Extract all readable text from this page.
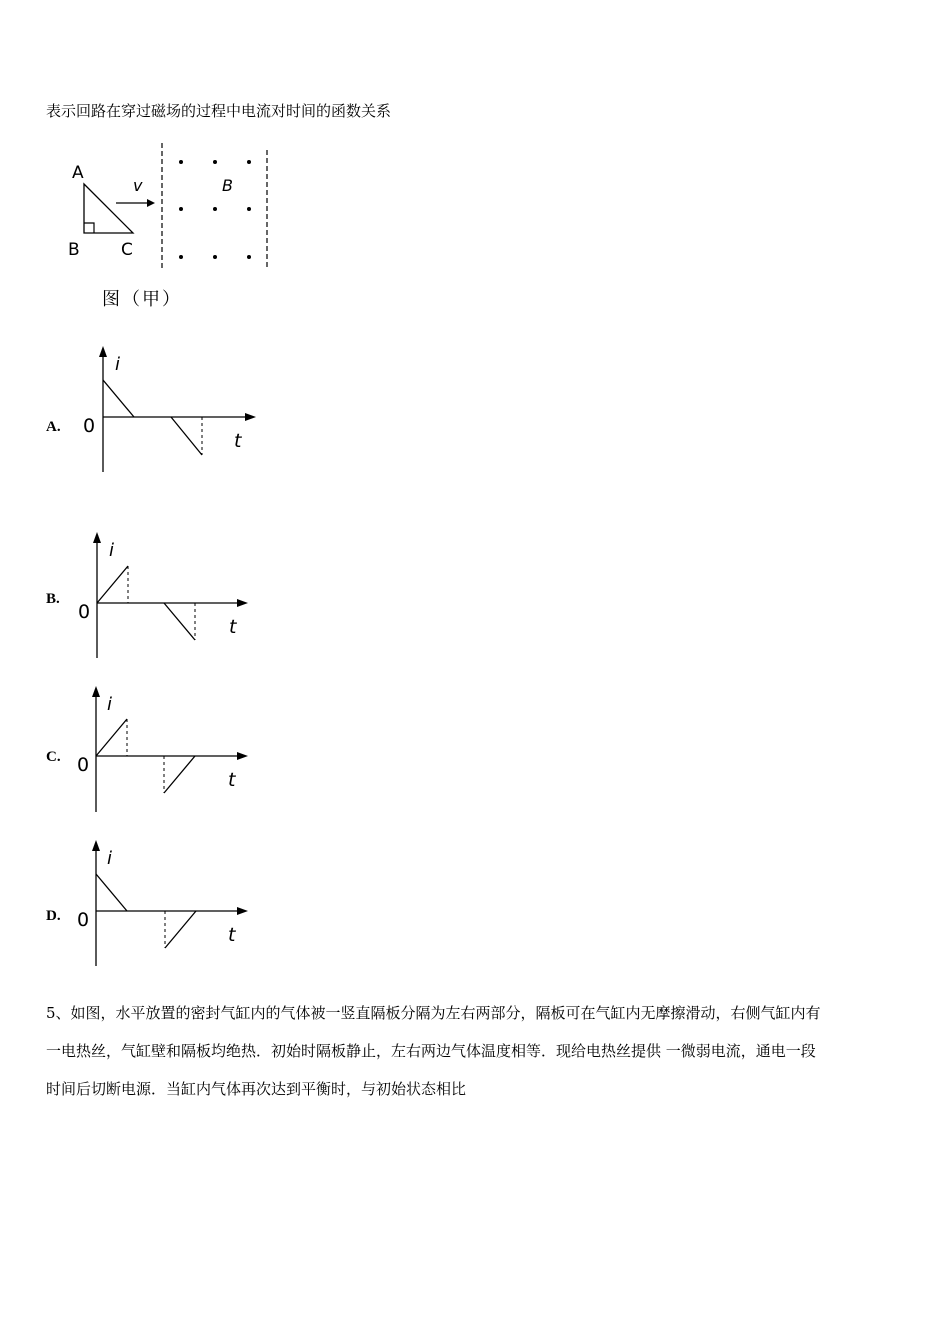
表示回路在穿过磁场的过程中电流对时间的函数关系
A
B C
v	B
图（甲）
A.
i
0
t
B.
i
0
t
C.
i
0
t
D.
i
0
t
5、如图，水平放置的密封气缸内的气体被一竖直隔板分隔为左右两部分，隔板可在气缸内无摩擦滑动，右侧气缸内有
一电热丝，气缸壁和隔板均绝热．初始时隔板静止，左右两边气体温度相等．现给电热丝提供 一微弱电流，通电一段
时间后切断电源．当缸内气体再次达到平衡时，与初始状态相比
